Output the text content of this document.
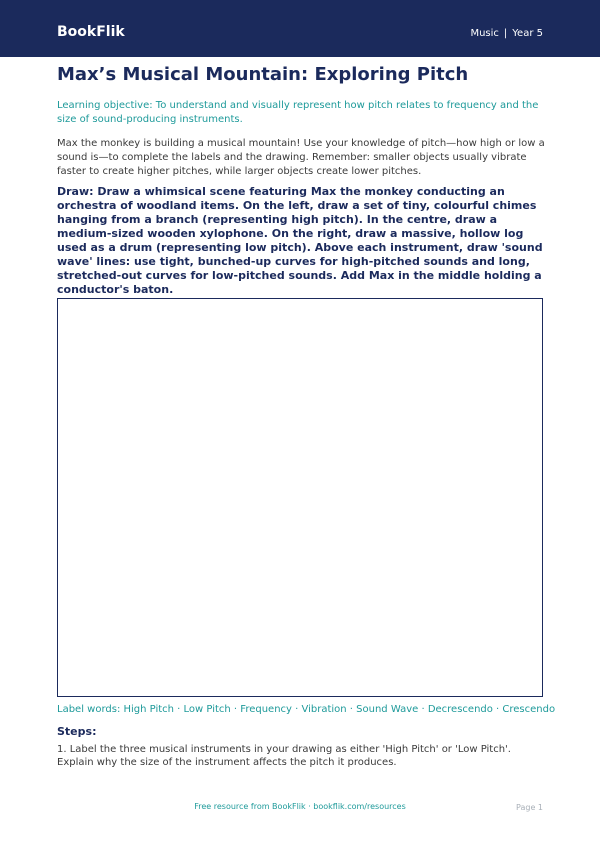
BookFlik	Music | Year 5
Max’s Musical Mountain: Exploring Pitch

Learning objective: To understand and visually represent how pitch relates to frequency and the size of sound-producing instruments.

Max the monkey is building a musical mountain! Use your knowledge of pitch—how high or low a sound is—to complete the labels and the drawing. Remember: smaller objects usually vibrate faster to create higher pitches, while larger objects create lower pitches.

Draw: Draw a whimsical scene featuring Max the monkey conducting an orchestra of woodland items. On the left, draw a set of tiny, colourful chimes hanging from a branch (representing high pitch). In the centre, draw a medium-sized wooden xylophone. On the right, draw a massive, hollow log used as a drum (representing low pitch). Above each instrument, draw 'sound wave' lines: use tight, bunched-up curves for high-pitched sounds and long, stretched-out curves for low-pitched sounds. Add Max in the middle holding a conductor's baton.

Label words: High Pitch · Low Pitch · Frequency · Vibration · Sound Wave · Decrescendo · Crescendo

Steps:

1. Label the three musical instruments in your drawing as either 'High Pitch' or 'Low Pitch'. Explain why the size of the instrument affects the pitch it produces.

Free resource from BookFlik · bookflik.com/resources	Page 1
